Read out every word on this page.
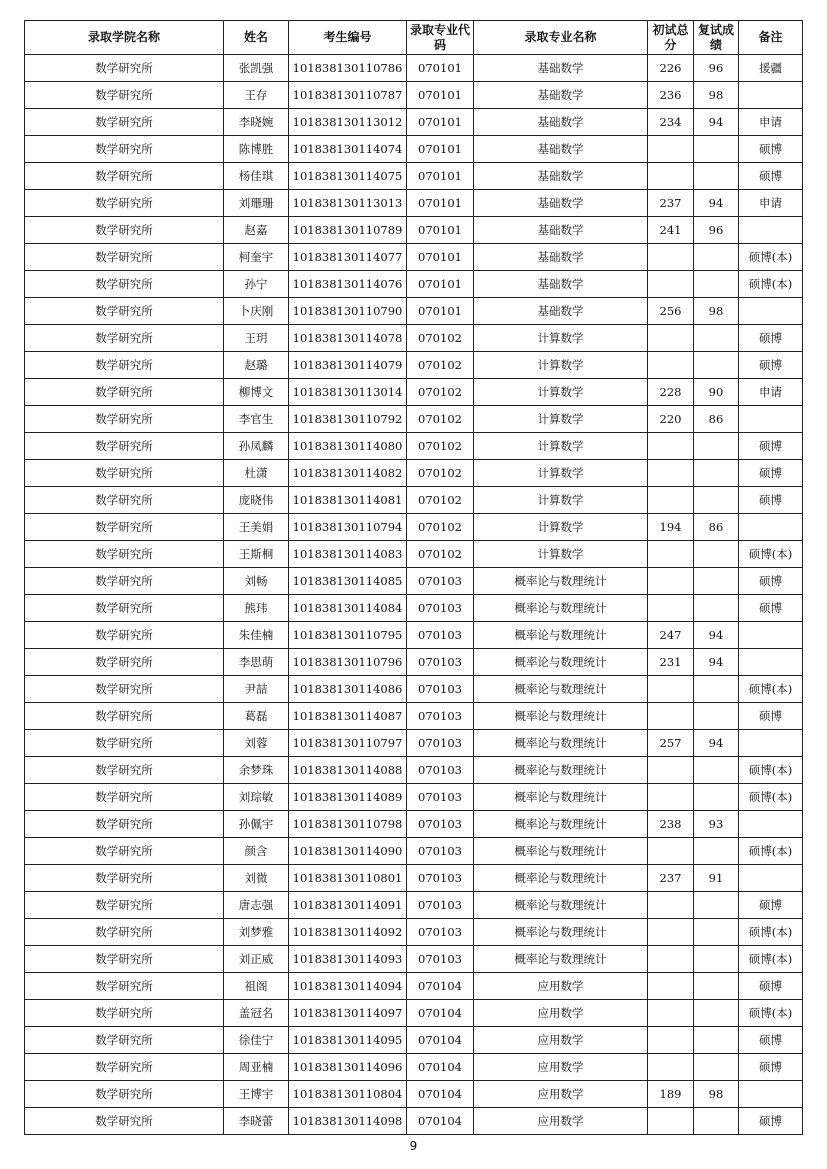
录取学院名称	姓名	考生编号	录取专业代码	录取专业名称	初试总分	复试成绩	备注
数学研究所	张凯强	101838130110786	070101	基础数学	226	96	援疆
数学研究所	王存	101838130110787	070101	基础数学	236	98	
数学研究所	李晓婉	101838130113012	070101	基础数学	234	94	申请
数学研究所	陈博胜	101838130114074	070101	基础数学			硕博
数学研究所	杨佳琪	101838130114075	070101	基础数学			硕博
数学研究所	刘珊珊	101838130113013	070101	基础数学	237	94	申请
数学研究所	赵嘉	101838130110789	070101	基础数学	241	96	
数学研究所	柯奎宇	101838130114077	070101	基础数学			硕博(本)
数学研究所	孙宁	101838130114076	070101	基础数学			硕博(本)
数学研究所	卜庆刚	101838130110790	070101	基础数学	256	98	
数学研究所	王玥	101838130114078	070102	计算数学			硕博
数学研究所	赵璐	101838130114079	070102	计算数学			硕博
数学研究所	柳博文	101838130113014	070102	计算数学	228	90	申请
数学研究所	李官生	101838130110792	070102	计算数学	220	86	
数学研究所	孙凤麟	101838130114080	070102	计算数学			硕博
数学研究所	杜潇	101838130114082	070102	计算数学			硕博
数学研究所	庞晓伟	101838130114081	070102	计算数学			硕博
数学研究所	王美娟	101838130110794	070102	计算数学	194	86	
数学研究所	王斯桐	101838130114083	070102	计算数学			硕博(本)
数学研究所	刘畅	101838130114085	070103	概率论与数理统计			硕博
数学研究所	熊玮	101838130114084	070103	概率论与数理统计			硕博
数学研究所	朱佳楠	101838130110795	070103	概率论与数理统计	247	94	
数学研究所	李思萌	101838130110796	070103	概率论与数理统计	231	94	
数学研究所	尹喆	101838130114086	070103	概率论与数理统计			硕博(本)
数学研究所	葛磊	101838130114087	070103	概率论与数理统计			硕博
数学研究所	刘蓉	101838130110797	070103	概率论与数理统计	257	94	
数学研究所	余梦珠	101838130114088	070103	概率论与数理统计			硕博(本)
数学研究所	刘琮敏	101838130114089	070103	概率论与数理统计			硕博(本)
数学研究所	孙佩宇	101838130110798	070103	概率论与数理统计	238	93	
数学研究所	颜含	101838130114090	070103	概率论与数理统计			硕博(本)
数学研究所	刘微	101838130110801	070103	概率论与数理统计	237	91	
数学研究所	唐志强	101838130114091	070103	概率论与数理统计			硕博
数学研究所	刘梦雅	101838130114092	070103	概率论与数理统计			硕博(本)
数学研究所	刘正威	101838130114093	070103	概率论与数理统计			硕博(本)
数学研究所	祖阁	101838130114094	070104	应用数学			硕博
数学研究所	盖冠名	101838130114097	070104	应用数学			硕博(本)
数学研究所	徐佳宁	101838130114095	070104	应用数学			硕博
数学研究所	周亚楠	101838130114096	070104	应用数学			硕博
数学研究所	王博宇	101838130110804	070104	应用数学	189	98	
数学研究所	李晓蕾	101838130114098	070104	应用数学			硕博
9
